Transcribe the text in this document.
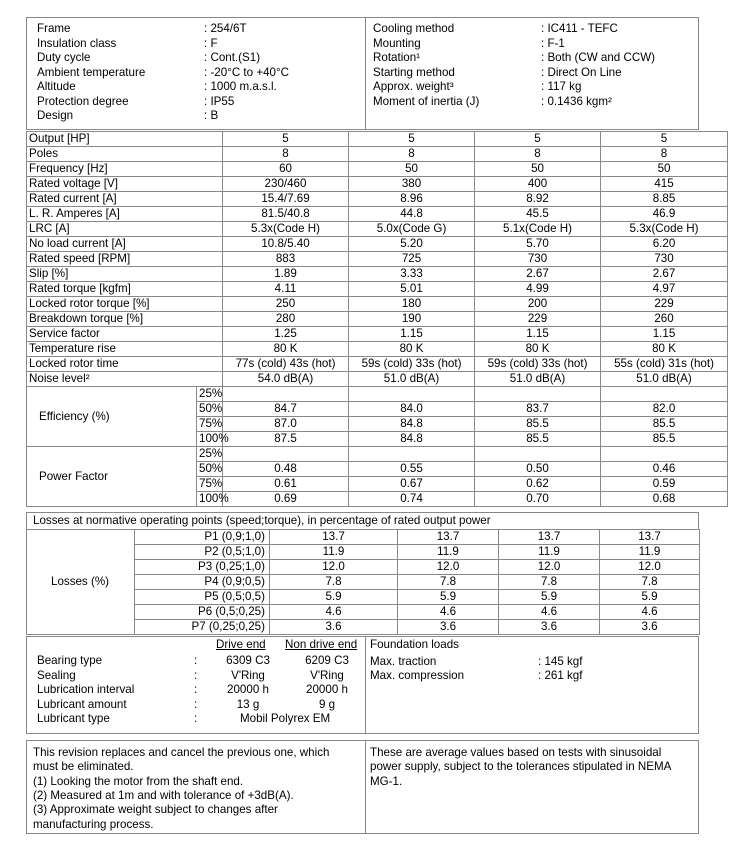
Frame	: 254/6T
Insulation class	: F
Duty cycle	: Cont.(S1)
Ambient temperature	: -20°C to +40°C
Altitude	: 1000 m.a.s.l.
Protection degree	: IP55
Design	: B
Cooling method	: IC411 - TEFC
Mounting	: F-1
Rotation¹	: Both (CW and CCW)
Starting method	: Direct On Line
Approx. weight³	: 117 kg
Moment of inertia (J)	: 0.1436 kgm²
Output [HP]		5	5	5	5
Poles		8	8	8	8
Frequency [Hz]		60	50	50	50
Rated voltage [V]		230/460	380	400	415
Rated current [A]		15.4/7.69	8.96	8.92	8.85
L. R. Amperes [A]		81.5/40.8	44.8	45.5	46.9
LRC [A]		5.3x(Code H)	5.0x(Code G)	5.1x(Code H)	5.3x(Code H)
No load current [A]		10.8/5.40	5.20	5.70	6.20
Rated speed [RPM]		883	725	730	730
Slip [%]		1.89	3.33	2.67	2.67
Rated torque [kgfm]		4.11	5.01	4.99	4.97
Locked rotor torque [%]		250	180	200	229
Breakdown torque [%]		280	190	229	260
Service factor		1.25	1.15	1.15	1.15
Temperature rise		80 K	80 K	80 K	80 K
Locked rotor time		77s (cold) 43s (hot)	59s (cold) 33s (hot)	59s (cold) 33s (hot)	55s (cold) 31s (hot)
Noise level²		54.0 dB(A)	51.0 dB(A)	51.0 dB(A)	51.0 dB(A)
Efficiency (%)	25%				
	50%	84.7	84.0	83.7	82.0
	75%	87.0	84.8	85.5	85.5
	100%	87.5	84.8	85.5	85.5
Power Factor	25%				
	50%	0.48	0.55	0.50	0.46
	75%	0.61	0.67	0.62	0.59
	100%	0.69	0.74	0.70	0.68
Losses at normative operating points (speed;torque), in percentage of rated output power
Losses (%)	P1 (0,9;1,0)	13.7	13.7	13.7	13.7
	P2 (0,5;1,0)	11.9	11.9	11.9	11.9
	P3 (0,25;1,0)	12.0	12.0	12.0	12.0
	P4 (0,9;0,5)	7.8	7.8	7.8	7.8
	P5 (0,5;0,5)	5.9	5.9	5.9	5.9
	P6 (0,5;0,25)	4.6	4.6	4.6	4.6
	P7 (0,25;0,25)	3.6	3.6	3.6	3.6
Drive end Non drive end
Bearing type	:	6309 C3	6209 C3
Sealing	:	V'Ring	V'Ring
Lubrication interval	:	20000 h	20000 h
Lubricant amount	:	13 g	9 g
Lubricant type	:	Mobil Polyrex EM
Foundation loads
Max. traction	: 145 kgf
Max. compression	: 261 kgf
This revision replaces and cancel the previous one, which
must be eliminated.
(1) Looking the motor from the shaft end.
(2) Measured at 1m and with tolerance of +3dB(A).
(3) Approximate weight subject to changes after
manufacturing process.
These are average values based on tests with sinusoidal
power supply, subject to the tolerances stipulated in NEMA
MG-1.
